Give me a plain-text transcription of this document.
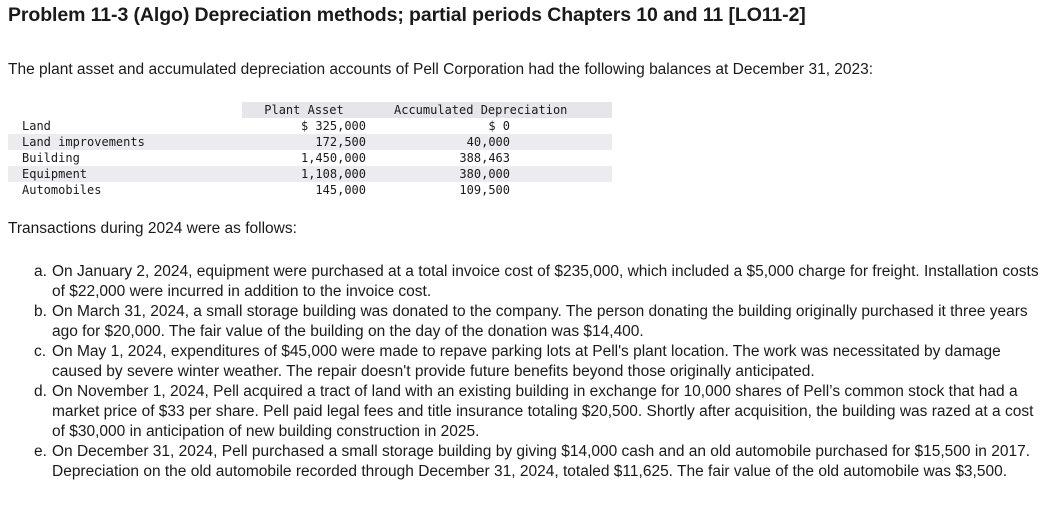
Problem 11-3 (Algo) Depreciation methods; partial periods Chapters 10 and 11 [LO11-2]
The plant asset and accumulated depreciation accounts of Pell Corporation had the following balances at December 31, 2023:
	Plant Asset	Accumulated Depreciation
Land	$ 325,000	$ 0
Land improvements	172,500	40,000
Building	1,450,000	388,463
Equipment	1,108,000	380,000
Automobiles	145,000	109,500
Transactions during 2024 were as follows:
a. On January 2, 2024, equipment were purchased at a total invoice cost of $235,000, which included a $5,000 charge for freight. Installation costs of $22,000 were incurred in addition to the invoice cost.
b. On March 31, 2024, a small storage building was donated to the company. The person donating the building originally purchased it three years ago for $20,000. The fair value of the building on the day of the donation was $14,400.
c. On May 1, 2024, expenditures of $45,000 were made to repave parking lots at Pell's plant location. The work was necessitated by damage caused by severe winter weather. The repair doesn't provide future benefits beyond those originally anticipated.
d. On November 1, 2024, Pell acquired a tract of land with an existing building in exchange for 10,000 shares of Pell’s common stock that had a market price of $33 per share. Pell paid legal fees and title insurance totaling $20,500. Shortly after acquisition, the building was razed at a cost of $30,000 in anticipation of new building construction in 2025.
e. On December 31, 2024, Pell purchased a small storage building by giving $14,000 cash and an old automobile purchased for $15,500 in 2017. Depreciation on the old automobile recorded through December 31, 2024, totaled $11,625. The fair value of the old automobile was $3,500.
